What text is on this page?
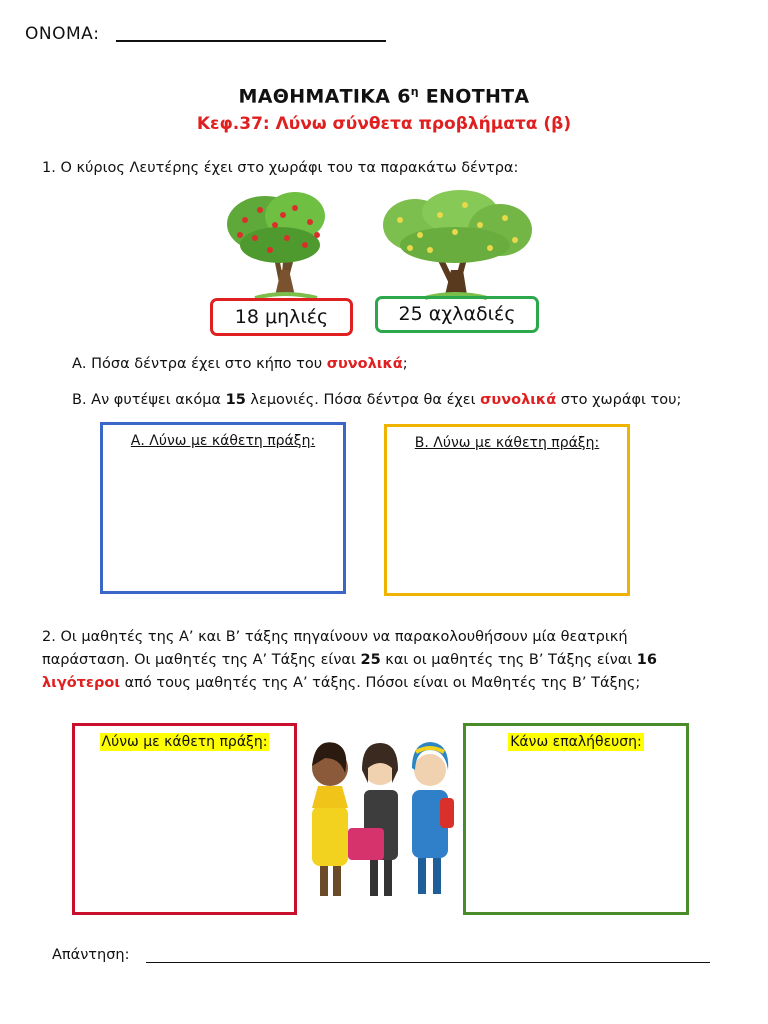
ΟΝΟΜΑ:
ΜΑΘΗΜΑΤΙΚΑ $6^\eta$ ΕΝΟΤΗΤΑ
Κεφ.37: Λύνω σύνθετα προβλήματα (β)
1. Ο κύριος Λευτέρης έχει στο χωράφι του τα παρακάτω δέντρα:
18 μηλιές	25 αχλαδιές
Α. Πόσα δέντρα έχει στο κήπο του συνολικά;
Β. Αν φυτέψει ακόμα 15 λεμονιές. Πόσα δέντρα θα έχει συνολικά στο χωράφι του;
Α. Λύνω με κάθετη πράξη:	Β. Λύνω με κάθετη πράξη:
2. Οι μαθητές της Α’ και Β’ τάξης πηγαίνουν να παρακολουθήσουν μία θεατρική
παράσταση. Οι μαθητές της Α’ Τάξης είναι 25 και οι μαθητές της Β’ Τάξης είναι 16
λιγότεροι από τους μαθητές της Α’ τάξης. Πόσοι είναι οι Μαθητές της Β’ Τάξης;
Λύνω με κάθετη πράξη:	Κάνω επαλήθευση:
Απάντηση:
